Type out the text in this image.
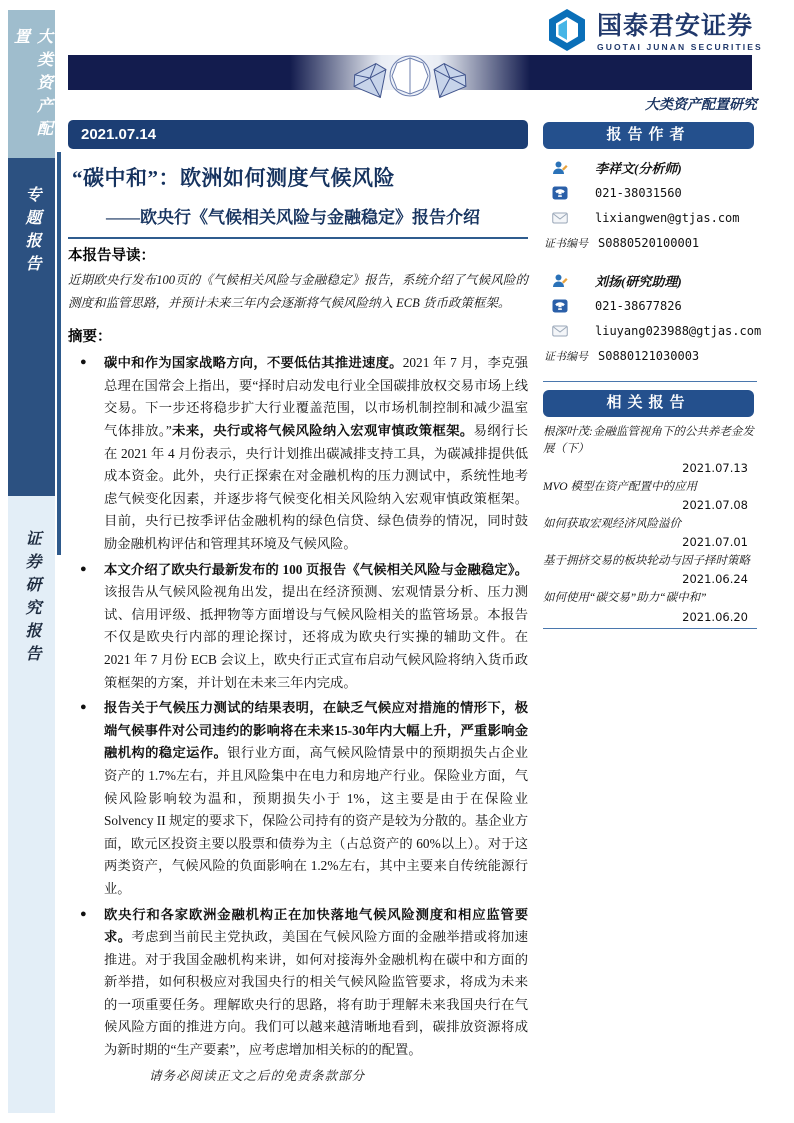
大类资产配置
专题报告
证券研究报告
国泰君安证券
GUOTAI JUNAN SECURITIES
大类资产配置研究
2021.07.14
“碳中和”：欧洲如何测度气候风险
——欧央行《气候相关风险与金融稳定》报告介绍
本报告导读：
近期欧央行发布100页的《气候相关风险与金融稳定》报告，系统介绍了气候风险的测度和监管思路，并预计未来三年内会逐渐将气候风险纳入 ECB 货币政策框架。
摘要：
● 碳中和作为国家战略方向，不要低估其推进速度。2021 年 7 月，李克强总理在国常会上指出，要“择时启动发电行业全国碳排放权交易市场上线交易。下一步还将稳步扩大行业覆盖范围，以市场机制控制和减少温室气体排放。”未来，央行或将气候风险纳入宏观审慎政策框架。易纲行长在 2021 年 4 月份表示，央行计划推出碳减排支持工具，为碳减排提供低成本资金。此外，央行正探索在对金融机构的压力测试中，系统性地考虑气候变化因素，并逐步将气候变化相关风险纳入宏观审慎政策框架。目前，央行已按季评估金融机构的绿色信贷、绿色债券的情况，同时鼓励金融机构评估和管理其环境及气候风险。
● 本文介绍了欧央行最新发布的 100 页报告《气候相关风险与金融稳定》。该报告从气候风险视角出发，提出在经济预测、宏观情景分析、压力测试、信用评级、抵押物等方面增设与气候风险相关的监管场景。本报告不仅是欧央行内部的理论探讨，还将成为欧央行实操的辅助文件。在 2021 年 7 月份 ECB 会议上，欧央行正式宣布启动气候风险将纳入货币政策框架的方案，并计划在未来三年内完成。
● 报告关于气候压力测试的结果表明，在缺乏气候应对措施的情形下，极端气候事件对公司违约的影响将在未来15-30年内大幅上升，严重影响金融机构的稳定运作。银行业方面，高气候风险情景中的预期损失占企业资产的 1.7%左右，并且风险集中在电力和房地产行业。保险业方面，气候风险影响较为温和，预期损失小于 1%，这主要是由于在保险业 Solvency II 规定的要求下，保险公司持有的资产是较为分散的。基企业方面，欧元区投资主要以股票和债券为主（占总资产的 60%以上）。对于这两类资产，气候风险的负面影响在 1.2%左右，其中主要来自传统能源行业。
● 欧央行和各家欧洲金融机构正在加快落地气候风险测度和相应监管要求。考虑到当前民主党执政，美国在气候风险方面的金融举措或将加速推进。对于我国金融机构来讲，如何对接海外金融机构在碳中和方面的新举措，如何积极应对我国央行的相关气候风险监管要求，将成为未来的一项重要任务。理解欧央行的思路，将有助于理解未来我国央行在气候风险方面的推进方向。我们可以越来越清晰地看到，碳排放资源将成为新时期的“生产要素”，应考虑增加相关标的的配置。
报告作者
李祥文(分析师)
021-38031560
lixiangwen@gtjas.com
证书编号 S0880520100001
刘扬(研究助理)
021-38677826
liuyang023988@gtjas.com
证书编号 S0880121030003
相关报告
根深叶茂:金融监管视角下的公共养老金发展（下）
2021.07.13
MVO 模型在资产配置中的应用
2021.07.08
如何获取宏观经济风险溢价
2021.07.01
基于拥挤交易的板块轮动与因子择时策略
2021.06.24
如何使用“碳交易”助力“碳中和”
2021.06.20
请务必阅读正文之后的免责条款部分
